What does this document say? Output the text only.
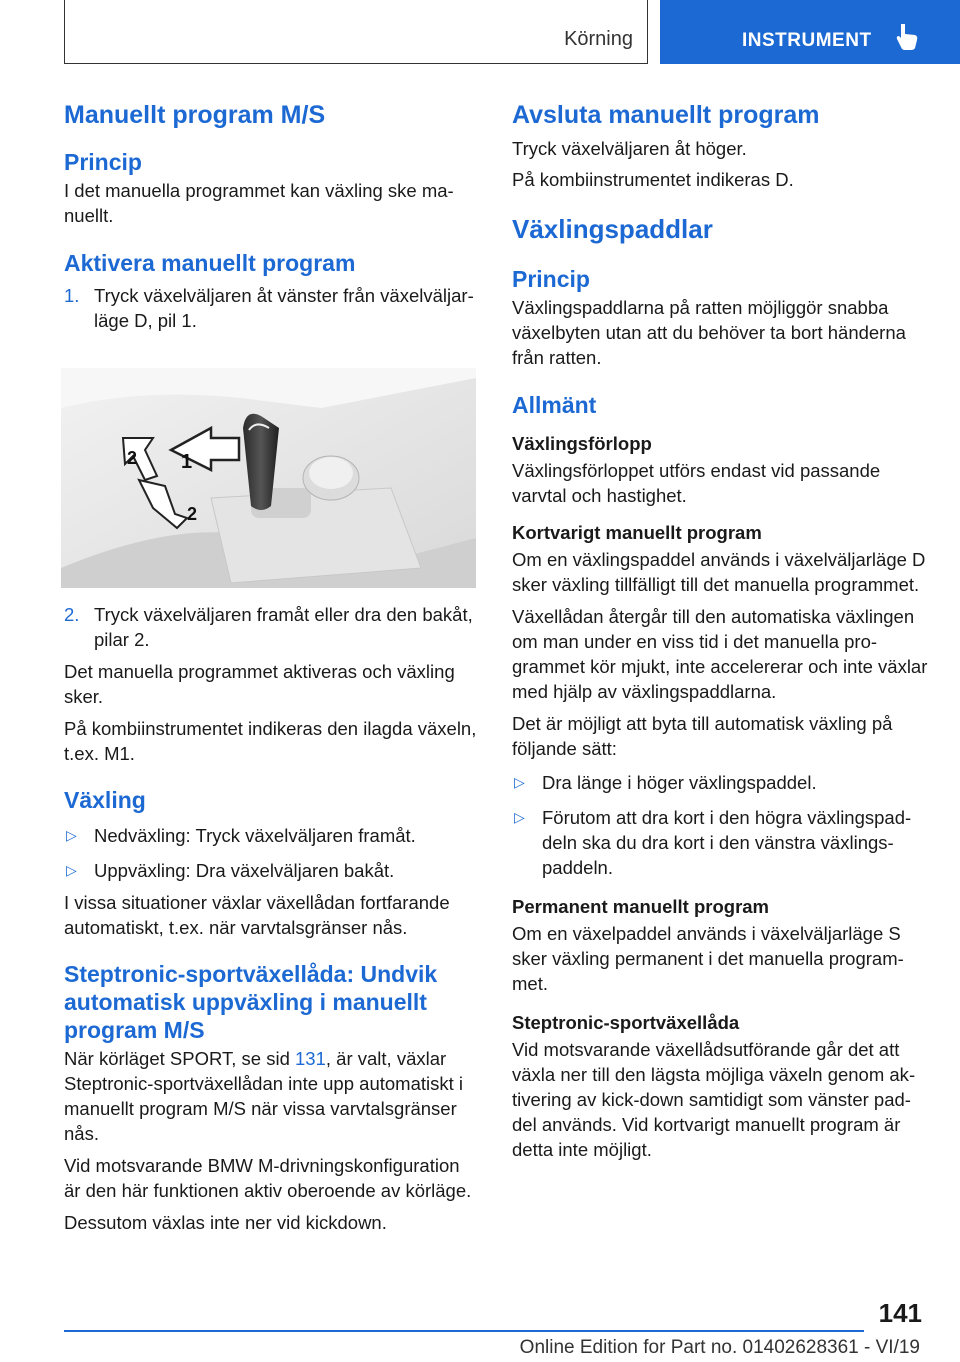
Körning	INSTRUMENT
Manuellt program M/S
Princip

I det manuella programmet kan växling ske manuellt.

Aktivera manuellt program
1. Tryck växelväljaren åt vänster från växelväljarläge D, pil 1.
1
2
2
2. Tryck växelväljaren framåt eller dra den bakåt, pilar 2.

Det manuella programmet aktiveras och växling sker.

På kombiinstrumentet indikeras den ilagda växeln, t.ex. M1.

Växling
▷ Nedväxling: Tryck växelväljaren framåt.
▷ Uppväxling: Dra växelväljaren bakåt.

I vissa situationer växlar växellådan fortfarande automatiskt, t.ex. när varvtalsgränser nås.

Steptronic-sportväxellåda: Undvik automatisk uppväxling i manuellt program M/S

När körläget SPORT, se sid 131, är valt, växlar Steptronic-sportväxellådan inte upp automatiskt i manuellt program M/S när vissa varvtalsgränser nås.

Vid motsvarande BMW M-drivningskonfiguration är den här funktionen aktiv oberoende av körläge.

Dessutom växlas inte ner vid kickdown.

Avsluta manuellt program

Tryck växelväljaren åt höger.

På kombiinstrumentet indikeras D.

Växlingspaddlar
Princip

Växlingspaddlarna på ratten möjliggör snabba växelbyten utan att du behöver ta bort händerna från ratten.

Allmänt

Växlingsförlopp

Växlingsförloppet utförs endast vid passande varvtal och hastighet.

Kortvarigt manuellt program

Om en växlingspaddel används i växelväljarläge D sker växling tillfälligt till det manuella programmet.

Växellådan återgår till den automatiska växlingen om man under en viss tid i det manuella programmet kör mjukt, inte accelererar och inte växlar med hjälp av växlingspaddlarna.

Det är möjligt att byta till automatisk växling på följande sätt:

▷ Dra länge i höger växlingspaddel.
▷ Förutom att dra kort i den högra växlingspaddeln ska du dra kort i den vänstra växlingspaddeln.

Permanent manuellt program

Om en växelpaddel används i växelväljarläge S sker växling permanent i det manuella programmet.

Steptronic-sportväxellåda

Vid motsvarande växellådsutförande går det att växla ner till den lägsta möjliga växeln genom aktivering av kick-down samtidigt som vänster paddel används. Vid kortvarigt manuellt program är detta inte möjligt.

141
Online Edition for Part no. 01402628361 - VI/19
